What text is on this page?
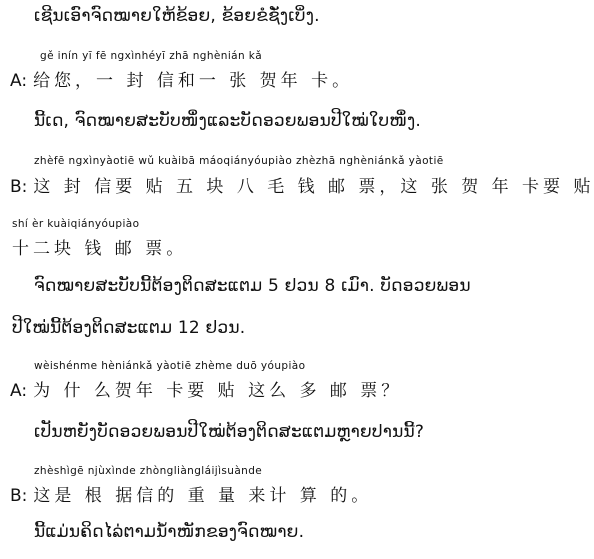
ເຊີນເອົາຈົດໝາຍໃຫ້ຂ້ອຍ, ຂ້ອຍຂໍຊັ່ງເບິ່ງ.
gě inín yī fē ngxìnhéyī zhā nghènián kǎ
A: 给您，一 封 信和一 张 贺年 卡。
ນີ້ເດ, ຈົດໝາຍສະບັບໜຶ່ງແລະບັດອວຍພອນປີໃໝ່ໃບໜຶ່ງ.
zhèfē ngxìnyàotiē wǔ kuàibā máoqiányóupiào zhèzhā nghèniánkǎ yàotiē
B: 这 封 信要 贴 五 块 八 毛 钱 邮 票，这 张 贺 年 卡要 贴
shí èr kuàiqiányóupiào
十二块 钱 邮 票。
ຈົດໝາຍສະບັບນີ້ຕ້ອງຕິດສະແຕມ 5 ຢວນ 8 ເມົາ. ບັດອວຍພອນ
ປີໃໝ່ນີ້ຕ້ອງຕິດສະແຕມ 12 ຢວນ.
wèishénme hèniánkǎ yàotiē zhème duō yóupiào
A: 为 什 么贺年 卡要 贴 这么 多 邮 票？
ເປັນຫຍັງບັດອວຍພອນປີໃໝ່ຕ້ອງຕິດສະແຕມຫຼາຍປານນີ້?
zhèshìgē njùxìnde zhòngliàngláijìsuànde
B: 这是 根 据信的 重 量 来计 算 的。
ນີ້ແມ່ນຄິດໄລ່ຕາມນ້ຳໜັກຂອງຈົດໝາຍ.
